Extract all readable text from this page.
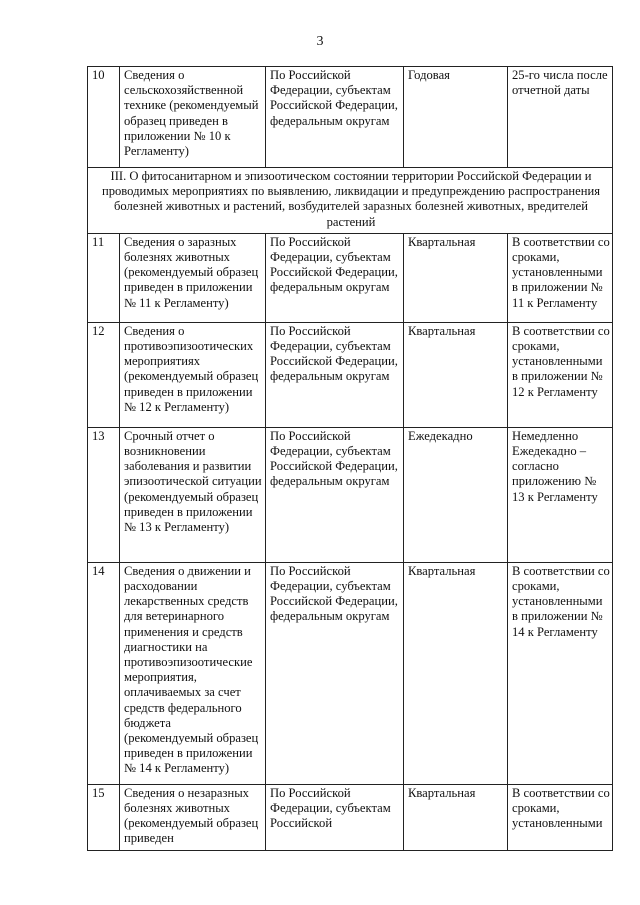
3
10	Сведения о сельскохозяйственной технике (рекомендуемый образец приведен в приложении № 10 к Регламенту)	По Российской Федерации, субъектам Российской Федерации, федеральным округам	Годовая	25-го числа после отчетной даты
III. О фитосанитарном и эпизоотическом состоянии территории Российской Федерации и проводимых мероприятиях по выявлению, ликвидации и предупреждению распространения болезней животных и растений, возбудителей заразных болезней животных, вредителей растений				
11	Сведения о заразных болезнях животных (рекомендуемый образец приведен в приложении № 11 к Регламенту)	По Российской Федерации, субъектам Российской Федерации, федеральным округам	Квартальная	В соответствии со сроками, установленными в приложении № 11 к Регламенту
12	Сведения о противоэпизоотических мероприятиях (рекомендуемый образец приведен в приложении № 12 к Регламенту)	По Российской Федерации, субъектам Российской Федерации, федеральным округам	Квартальная	В соответствии со сроками, установленными в приложении № 12 к Регламенту
13	Срочный отчет о возникновении заболевания и развитии эпизоотической ситуации (рекомендуемый образец приведен в приложении № 13 к Регламенту)	По Российской Федерации, субъектам Российской Федерации, федеральным округам	Ежедекадно	Немедленно Ежедекадно – согласно приложению № 13 к Регламенту
14	Сведения о движении и расходовании лекарственных средств для ветеринарного применения и средств диагностики на противоэпизоотические мероприятия, оплачиваемых за счет средств федерального бюджета (рекомендуемый образец приведен в приложении № 14 к Регламенту)	По Российской Федерации, субъектам Российской Федерации, федеральным округам	Квартальная	В соответствии со сроками, установленными в приложении № 14 к Регламенту
15	Сведения о незаразных болезнях животных (рекомендуемый образец приведен	По Российской Федерации, субъектам Российской	Квартальная	В соответствии со сроками, установленными
